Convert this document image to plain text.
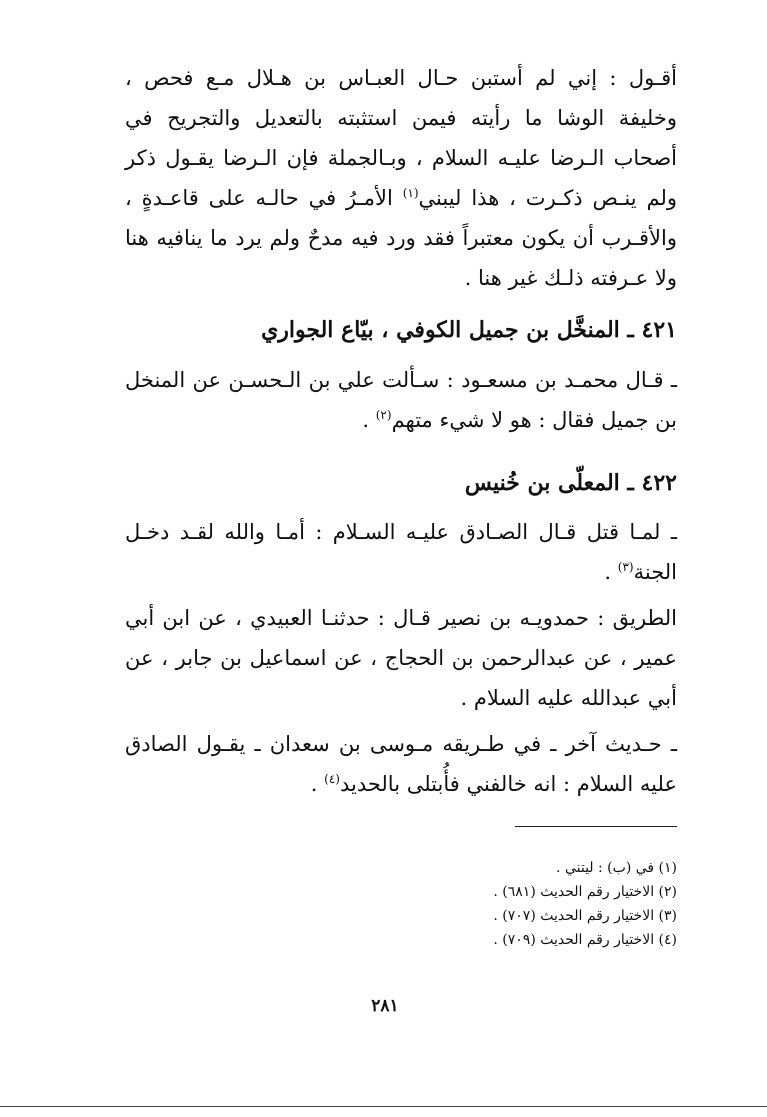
أقـول : إني لم أستبن حـال العبـاس بن هـلال مـع فحص ، وخليفة الوشا ما رأيته فيمن استثبته بالتعديل والتجريح في أصحاب الـرضا عليـه السلام ، وبـالجملة فإن الـرضا يقـول ذكر ولم ينـص ذكـرت ، هذا ليبني$^{(١)}$ الأمـرُ في حالـه على قاعـدةٍ ، والأقـرب أن يكون معتبراً فقد ورد فيه مدحٌ ولم يرد ما ينافيه هنا ولا عـرفته ذلـك غير هنا .

٤٢١ ـ المنخَّل بن جميل الكوفي ، بيّاع الجواري

ـ قـال محمـد بن مسعـود : سـألت علي بن الـحسـن عن المنخل بن جميل فقال : هو لا شيء متهم$^{(٢)}$ .

٤٢٢ ـ المعلّى بن خُنيس

ـ لمـا قتل قـال الصـادق عليـه السـلام : أمـا والله لقـد دخـل الجنة$^{(٣)}$ .

الطريق : حمدويـه بن نصير قـال : حدثنـا العبيدي ، عن ابن أبي عمير ، عن عبدالرحمن بن الحجاج ، عن اسماعيل بن جابر ، عن أبي عبدالله عليه السلام .

ـ حـديث آخر ـ في طـريقه مـوسى بن سعدان ـ يقـول الصادق عليه السلام : انه خالفني فأُبتلى بالحديد$^{(٤)}$ .

(١) في (ب) : ليتني .
(٢) الاختيار رقم الحديث (٦٨١) .
(٣) الاختيار رقم الحديث (٧٠٧) .
(٤) الاختيار رقم الحديث (٧٠٩) .
٢٨١
